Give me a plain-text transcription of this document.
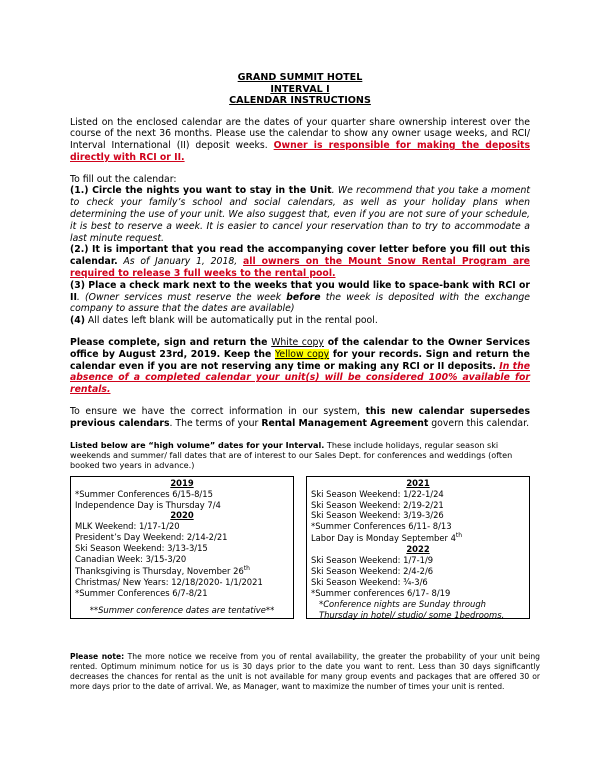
GRAND SUMMIT HOTEL
INTERVAL I
CALENDAR INSTRUCTIONS

Listed on the enclosed calendar are the dates of your quarter share ownership interest over the course of the next 36 months. Please use the calendar to show any owner usage weeks, and RCI/ Interval International (II) deposit weeks. Owner is responsible for making the deposits directly with RCI or II.

To fill out the calendar:

(1.) Circle the nights you want to stay in the Unit. We recommend that you take a moment to check your family’s school and social calendars, as well as your holiday plans when determining the use of your unit. We also suggest that, even if you are not sure of your schedule, it is best to reserve a week. It is easier to cancel your reservation than to try to accommodate a last minute request.

(2.) It is important that you read the accompanying cover letter before you fill out this calendar. As of January 1, 2018, all owners on the Mount Snow Rental Program are required to release 3 full weeks to the rental pool.

(3) Place a check mark next to the weeks that you would like to space-bank with RCI or II. (Owner services must reserve the week before the week is deposited with the exchange company to assure that the dates are available)

(4) All dates left blank will be automatically put in the rental pool.

Please complete, sign and return the White copy of the calendar to the Owner Services office by August 23rd, 2019. Keep the Yellow copy for your records. Sign and return the calendar even if you are not reserving any time or making any RCI or II deposits. In the absence of a completed calendar your unit(s) will be considered 100% available for rentals.

To ensure we have the correct information in our system, this new calendar supersedes previous calendars. The terms of your Rental Management Agreement govern this calendar.

Listed below are “high volume” dates for your Interval. These include holidays, regular season ski weekends and summer/ fall dates that are of interest to our Sales Dept. for conferences and weddings (often booked two years in advance.)

2019
*Summer Conferences 6/15-8/15
Independence Day is Thursday 7/4
2020
MLK Weekend: 1/17-1/20
President’s Day Weekend: 2/14-2/21
Ski Season Weekend: 3/13-3/15
Canadian Week: 3/15-3/20
Thanksgiving is Thursday, November 26th
Christmas/ New Years: 12/18/2020- 1/1/2021
*Summer Conferences 6/7-8/21
**Summer conference dates are tentative**
2021
Ski Season Weekend: 1/22-1/24
Ski Season Weekend: 2/19-2/21
Ski Season Weekend: 3/19-3/26
*Summer Conferences 6/11- 8/13
Labor Day is Monday September 4th
2022
Ski Season Weekend: 1/7-1/9
Ski Season Weekend: 2/4-2/6
Ski Season Weekend: ¾-3/6
*Summer conferences 6/17- 8/19
*Conference nights are Sunday through
Thursday in hotel/ studio/ some 1bedrooms.

Please note: The more notice we receive from you of rental availability, the greater the probability of your unit being rented. Optimum minimum notice for us is 30 days prior to the date you want to rent. Less than 30 days significantly decreases the chances for rental as the unit is not available for many group events and packages that are offered 30 or more days prior to the date of arrival. We, as Manager, want to maximize the number of times your unit is rented.
